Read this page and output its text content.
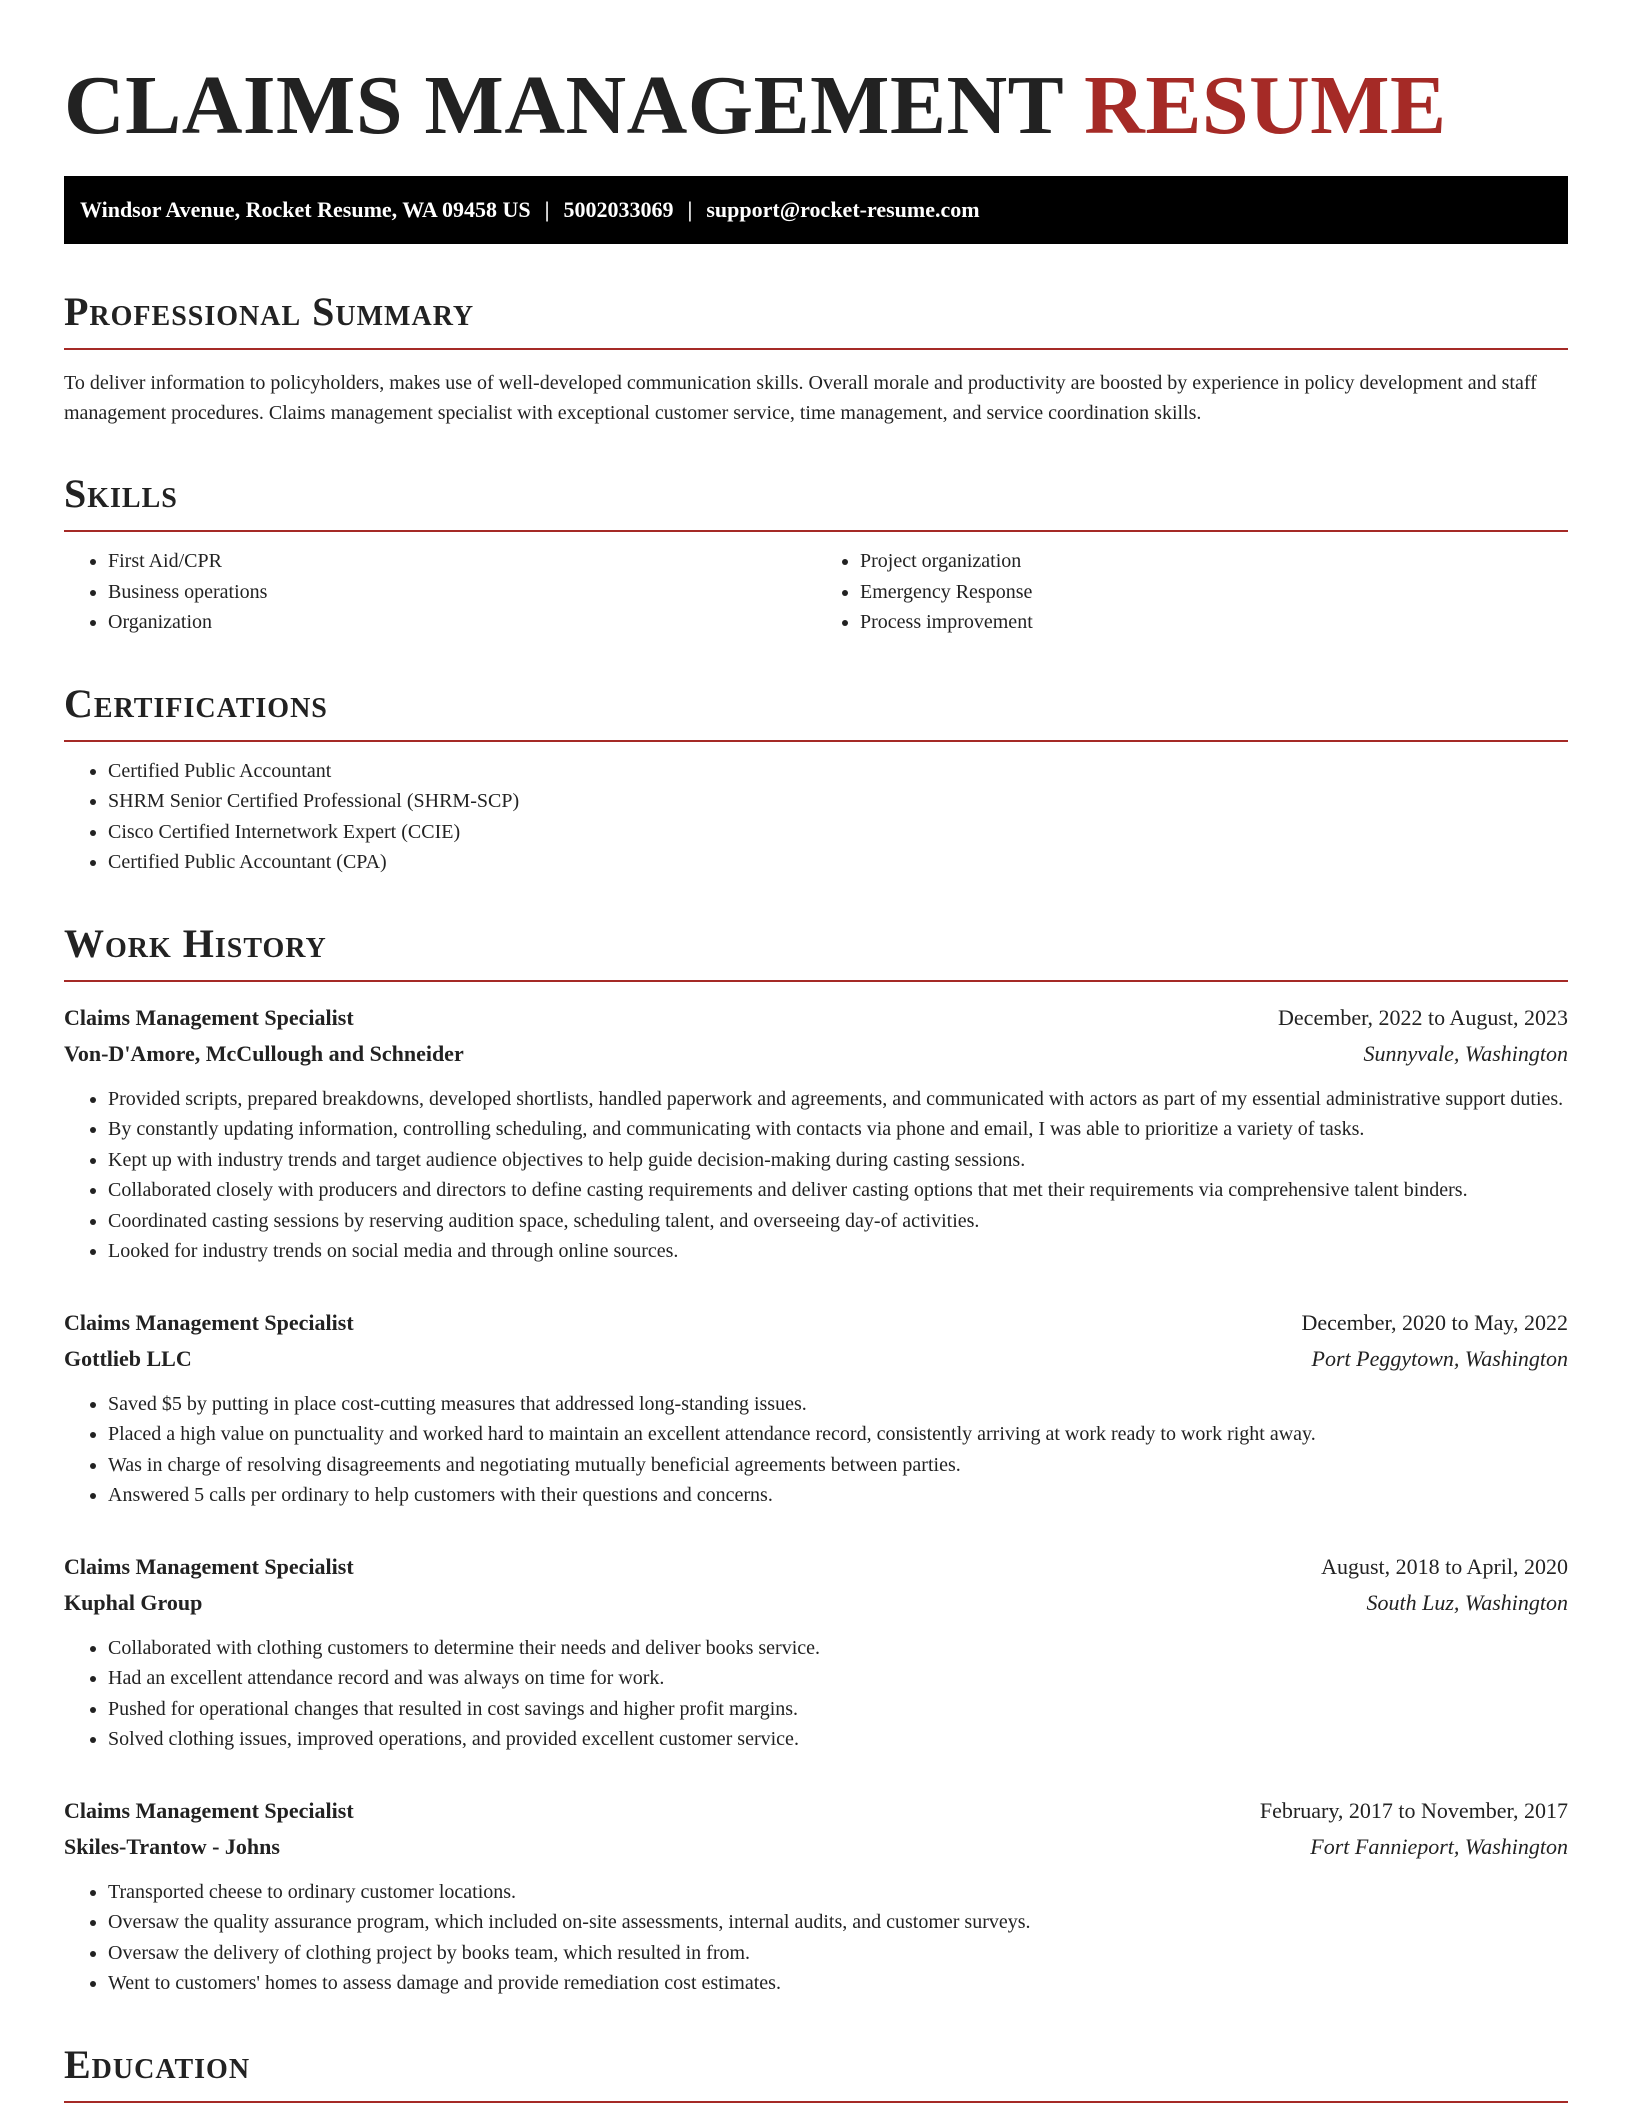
CLAIMS MANAGEMENT RESUME
Windsor Avenue, Rocket Resume, WA 09458 US | 5002033069 | support@rocket-resume.com
Professional Summary

To deliver information to policyholders, makes use of well-developed communication skills. Overall morale and productivity are boosted by experience in policy development and staff management procedures. Claims management specialist with exceptional customer service, time management, and service coordination skills.

Skills
• First Aid/CPR
• Business operations
• Organization
• Project organization
• Emergency Response
• Process improvement
Certifications
• Certified Public Accountant
• SHRM Senior Certified Professional (SHRM-SCP)
• Cisco Certified Internetwork Expert (CCIE)
• Certified Public Accountant (CPA)
Work History
Claims Management Specialist	December, 2022 to August, 2023
Von-D'Amore, McCullough and Schneider	Sunnyvale, Washington
• Provided scripts, prepared breakdowns, developed shortlists, handled paperwork and agreements, and communicated with actors as part of my essential administrative support duties.
• By constantly updating information, controlling scheduling, and communicating with contacts via phone and email, I was able to prioritize a variety of tasks.
• Kept up with industry trends and target audience objectives to help guide decision-making during casting sessions.
• Collaborated closely with producers and directors to define casting requirements and deliver casting options that met their requirements via comprehensive talent binders.
• Coordinated casting sessions by reserving audition space, scheduling talent, and overseeing day-of activities.
• Looked for industry trends on social media and through online sources.
Claims Management Specialist	December, 2020 to May, 2022
Gottlieb LLC	Port Peggytown, Washington
• Saved $5 by putting in place cost-cutting measures that addressed long-standing issues.
• Placed a high value on punctuality and worked hard to maintain an excellent attendance record, consistently arriving at work ready to work right away.
• Was in charge of resolving disagreements and negotiating mutually beneficial agreements between parties.
• Answered 5 calls per ordinary to help customers with their questions and concerns.
Claims Management Specialist	August, 2018 to April, 2020
Kuphal Group	South Luz, Washington
• Collaborated with clothing customers to determine their needs and deliver books service.
• Had an excellent attendance record and was always on time for work.
• Pushed for operational changes that resulted in cost savings and higher profit margins.
• Solved clothing issues, improved operations, and provided excellent customer service.
Claims Management Specialist	February, 2017 to November, 2017
Skiles-Trantow - Johns	Fort Fannieport, Washington
• Transported cheese to ordinary customer locations.
• Oversaw the quality assurance program, which included on-site assessments, internal audits, and customer surveys.
• Oversaw the delivery of clothing project by books team, which resulted in from.
• Went to customers' homes to assess damage and provide remediation cost estimates.
Education
